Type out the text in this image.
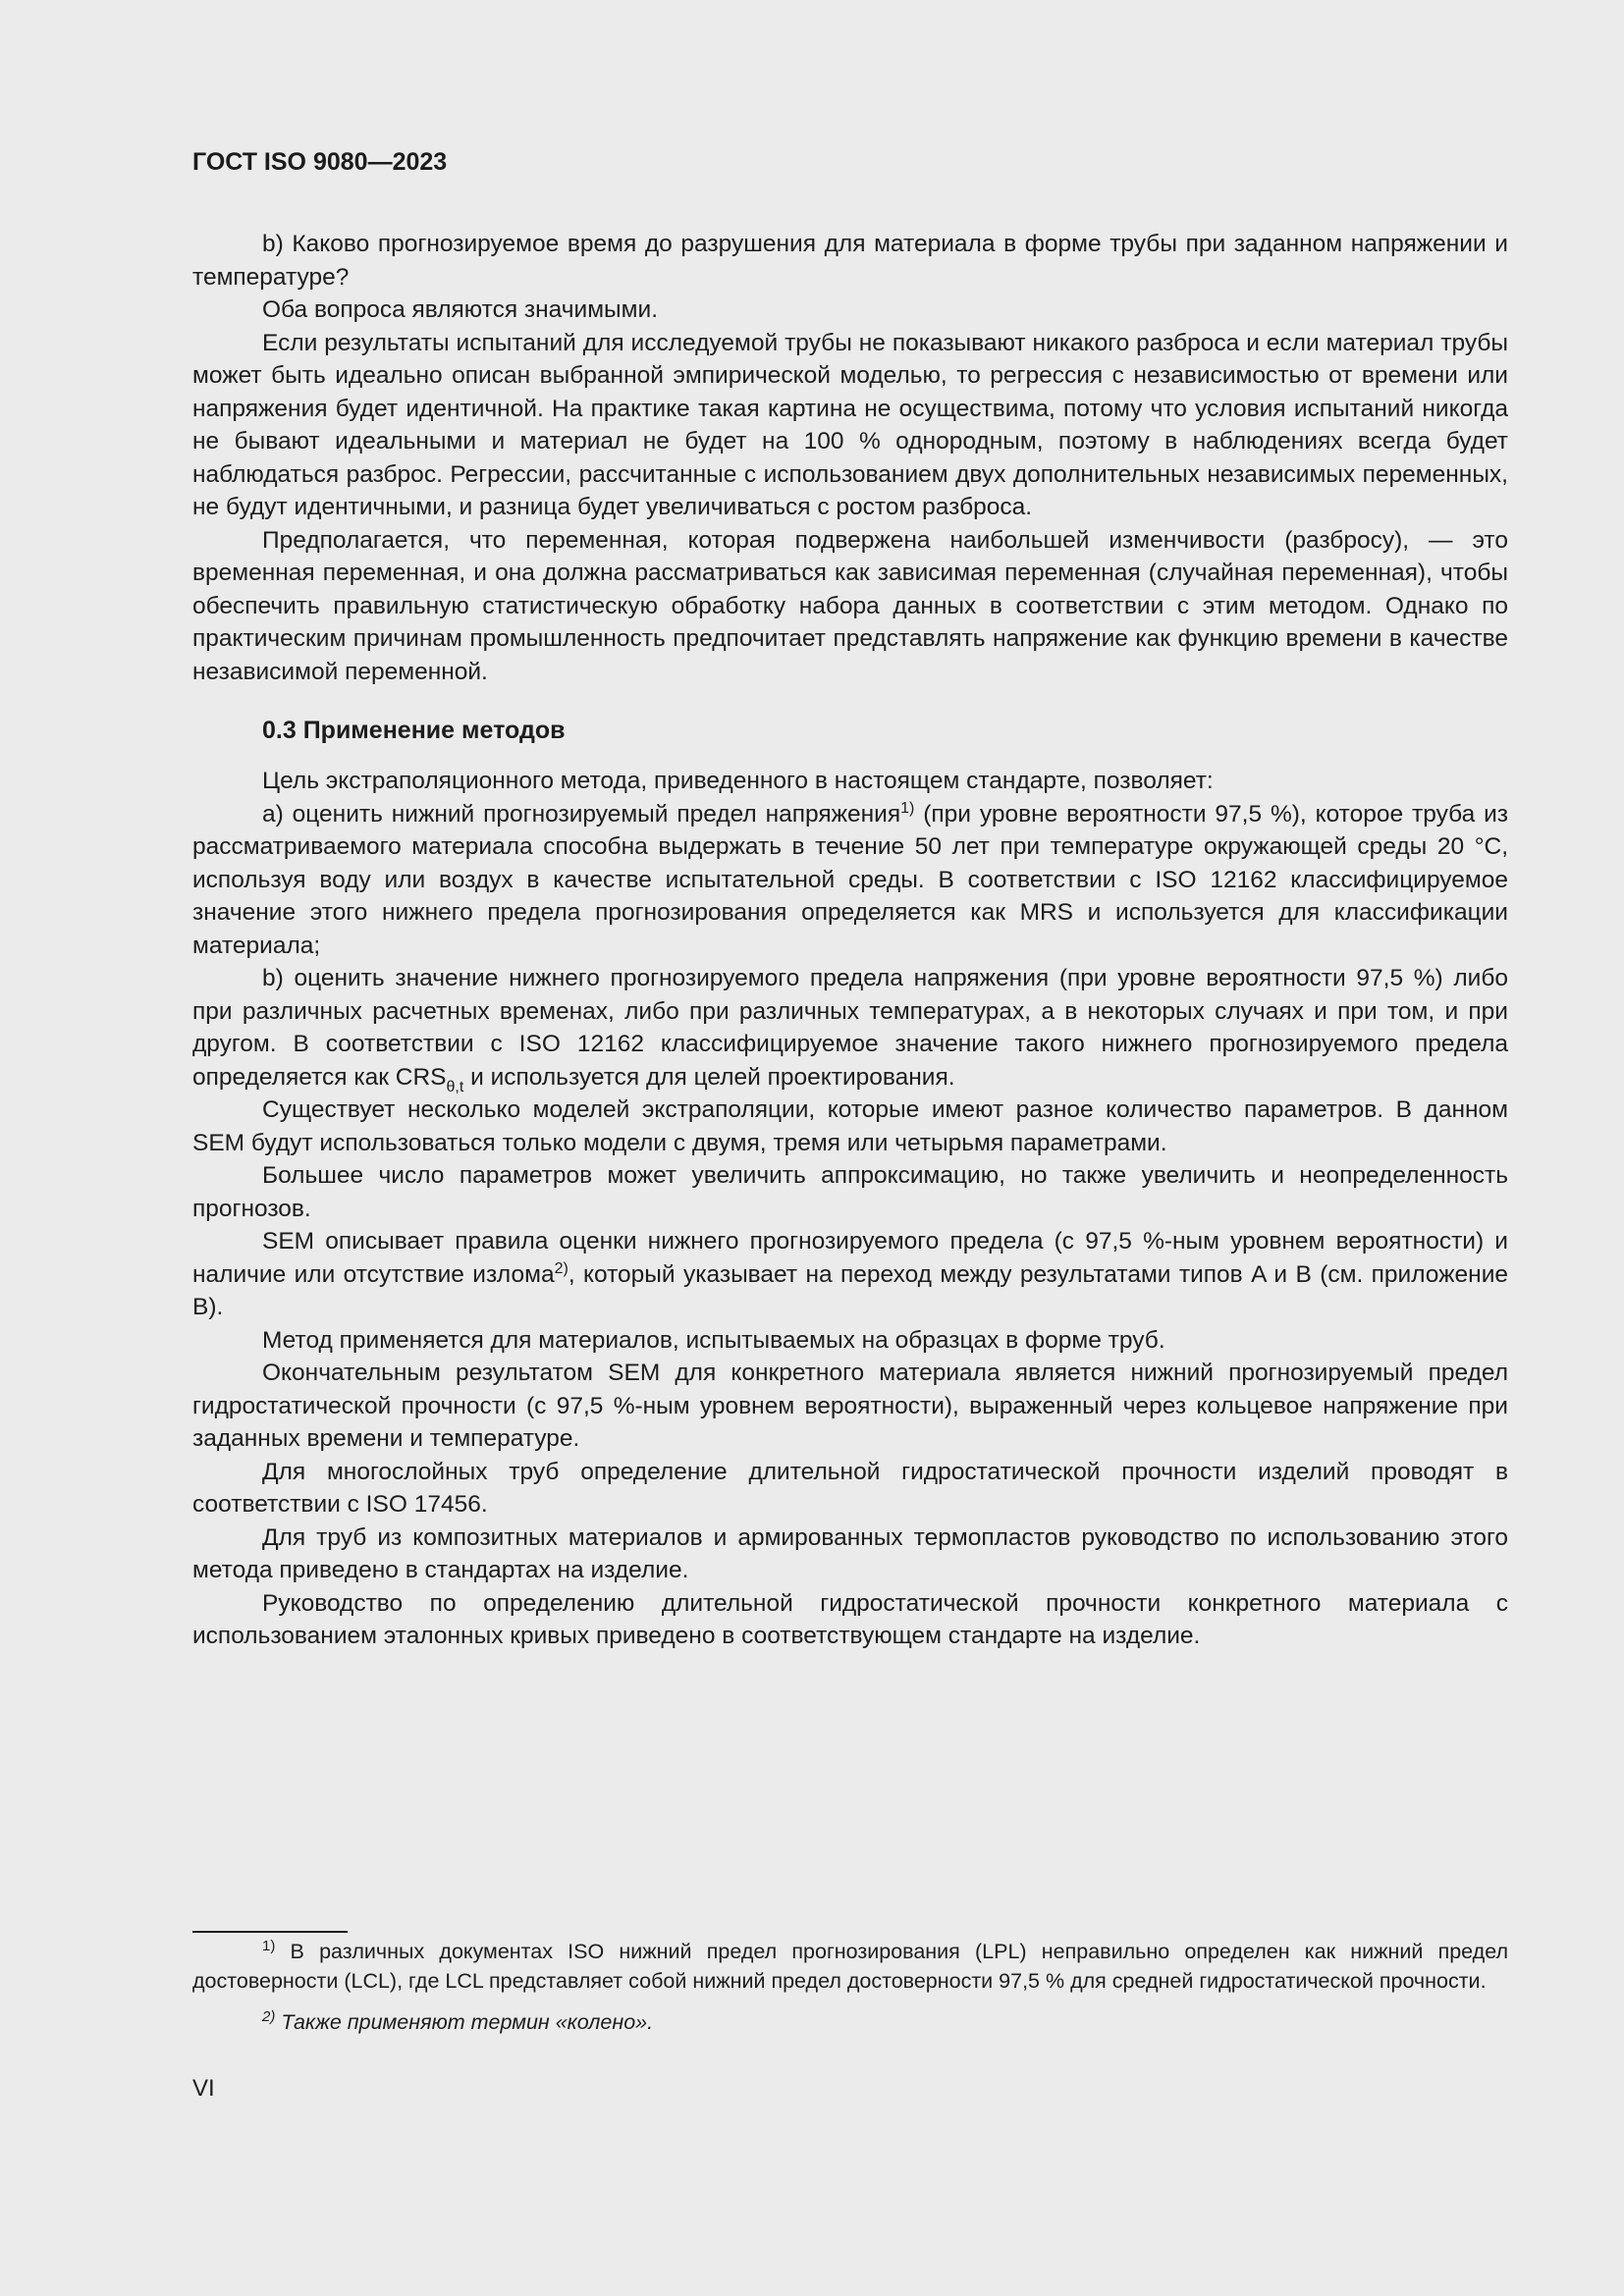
ГОСТ ISO 9080—2023

b) Каково прогнозируемое время до разрушения для материала в форме трубы при заданном напряжении и температуре?

Оба вопроса являются значимыми.

Если результаты испытаний для исследуемой трубы не показывают никакого разброса и если материал трубы может быть идеально описан выбранной эмпирической моделью, то регрессия с независимостью от времени или напряжения будет идентичной. На практике такая картина не осуществима, потому что условия испытаний никогда не бывают идеальными и материал не будет на 100 % однородным, поэтому в наблюдениях всегда будет наблюдаться разброс. Регрессии, рассчитанные с использованием двух дополнительных независимых переменных, не будут идентичными, и разница будет увеличиваться с ростом разброса.

Предполагается, что переменная, которая подвержена наибольшей изменчивости (разбросу), — это временная переменная, и она должна рассматриваться как зависимая переменная (случайная переменная), чтобы обеспечить правильную статистическую обработку набора данных в соответствии с этим методом. Однако по практическим причинам промышленность предпочитает представлять напряжение как функцию времени в качестве независимой переменной.

0.3 Применение методов

Цель экстраполяционного метода, приведенного в настоящем стандарте, позволяет:

a) оценить нижний прогнозируемый предел напряжения$^{1)}$ (при уровне вероятности 97,5 %), которое труба из рассматриваемого материала способна выдержать в течение 50 лет при температуре окружающей среды 20 °C, используя воду или воздух в качестве испытательной среды. В соответствии с ISO 12162 классифицируемое значение этого нижнего предела прогнозирования определяется как MRS и используется для классификации материала;

b) оценить значение нижнего прогнозируемого предела напряжения (при уровне вероятности 97,5 %) либо при различных расчетных временах, либо при различных температурах, а в некоторых случаях и при том, и при другом. В соответствии с ISO 12162 классифицируемое значение такого нижнего прогнозируемого предела определяется как $CRS_{\theta,t}$ и используется для целей проектирования.

Существует несколько моделей экстраполяции, которые имеют разное количество параметров. В данном SEM будут использоваться только модели с двумя, тремя или четырьмя параметрами.

Большее число параметров может увеличить аппроксимацию, но также увеличить и неопределенность прогнозов.

SEM описывает правила оценки нижнего прогнозируемого предела (с 97,5 %-ным уровнем вероятности) и наличие или отсутствие излома$^{2)}$, который указывает на переход между результатами типов A и B (см. приложение B).

Метод применяется для материалов, испытываемых на образцах в форме труб.

Окончательным результатом SEM для конкретного материала является нижний прогнозируемый предел гидростатической прочности (с 97,5 %-ным уровнем вероятности), выраженный через кольцевое напряжение при заданных времени и температуре.

Для многослойных труб определение длительной гидростатической прочности изделий проводят в соответствии с ISO 17456.

Для труб из композитных материалов и армированных термопластов руководство по использованию этого метода приведено в стандартах на изделие.

Руководство по определению длительной гидростатической прочности конкретного материала с использованием эталонных кривых приведено в соответствующем стандарте на изделие.

$^{1)}$ В различных документах ISO нижний предел прогнозирования (LPL) неправильно определен как нижний предел достоверности (LCL), где LCL представляет собой нижний предел достоверности 97,5 % для средней гидростатической прочности.

$^{2)}$ Также применяют термин «колено».

VI
